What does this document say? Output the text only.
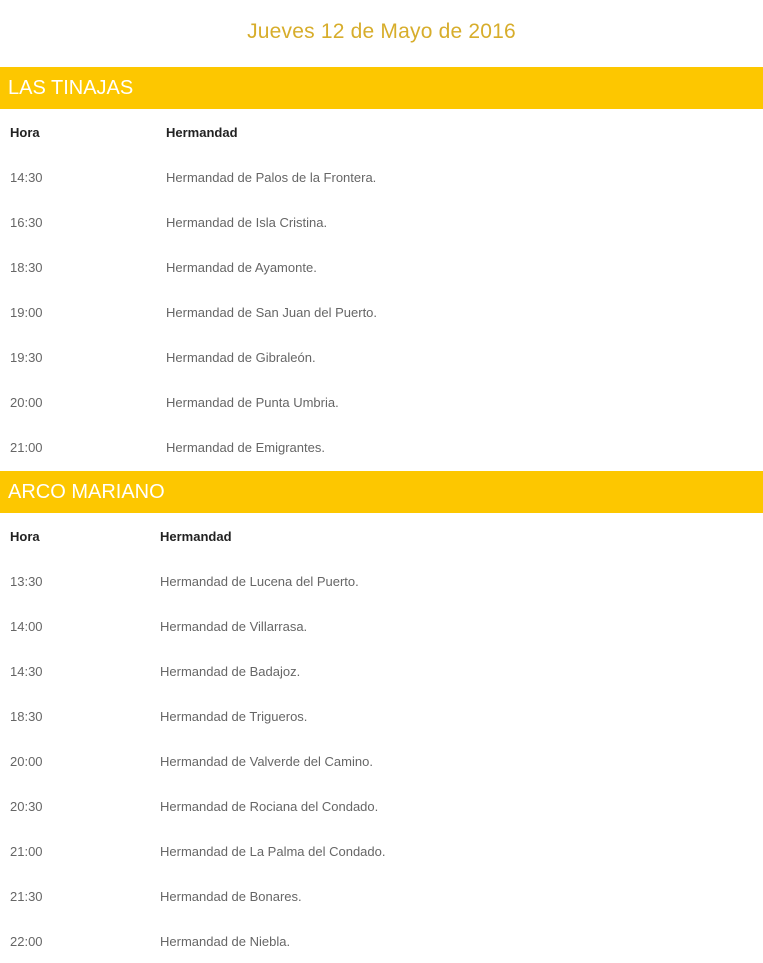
Jueves 12 de Mayo de 2016
LAS TINAJAS
Hora	Hermandad
14:30	Hermandad de Palos de la Frontera.
16:30	Hermandad de Isla Cristina.
18:30	Hermandad de Ayamonte.
19:00	Hermandad de San Juan del Puerto.
19:30	Hermandad de Gibraleón.
20:00	Hermandad de Punta Umbria.
21:00	Hermandad de Emigrantes.
ARCO MARIANO
Hora	Hermandad
13:30	Hermandad de Lucena del Puerto.
14:00	Hermandad de Villarrasa.
14:30	Hermandad de Badajoz.
18:30	Hermandad de Trigueros.
20:00	Hermandad de Valverde del Camino.
20:30	Hermandad de Rociana del Condado.
21:00	Hermandad de La Palma del Condado.
21:30	Hermandad de Bonares.
22:00	Hermandad de Niebla.
